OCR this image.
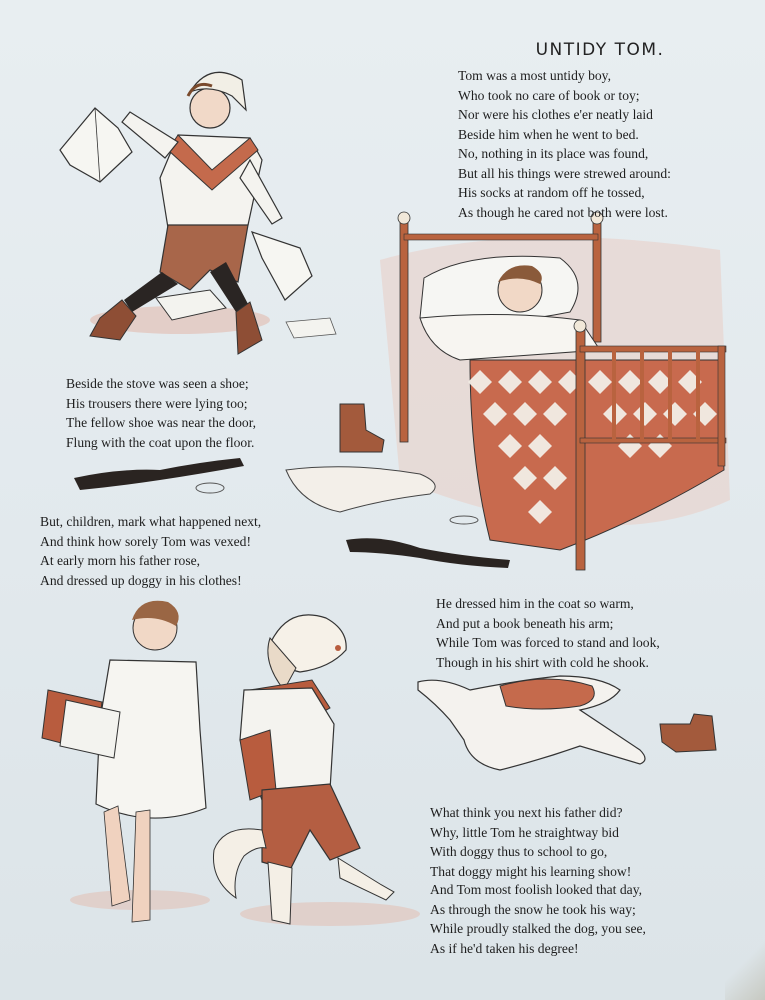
UNTIDY TOM.
Tom was a most untidy boy,
Who took no care of book or toy;
Nor were his clothes e'er neatly laid
Beside him when he went to bed.
No, nothing in its place was found,
But all his things were strewed around:
His socks at random off he tossed,
As though he cared not both were lost.
Beside the stove was seen a shoe;
His trousers there were lying too;
The fellow shoe was near the door,
Flung with the coat upon the floor.
But, children, mark what happened next,
And think how sorely Tom was vexed!
At early morn his father rose,
And dressed up doggy in his clothes!
He dressed him in the coat so warm,
And put a book beneath his arm;
While Tom was forced to stand and look,
Though in his shirt with cold he shook.
What think you next his father did?
Why, little Tom he straightway bid
With doggy thus to school to go,
That doggy might his learning show!
And Tom most foolish looked that day,
As through the snow he took his way;
While proudly stalked the dog, you see,
As if he'd taken his degree!
